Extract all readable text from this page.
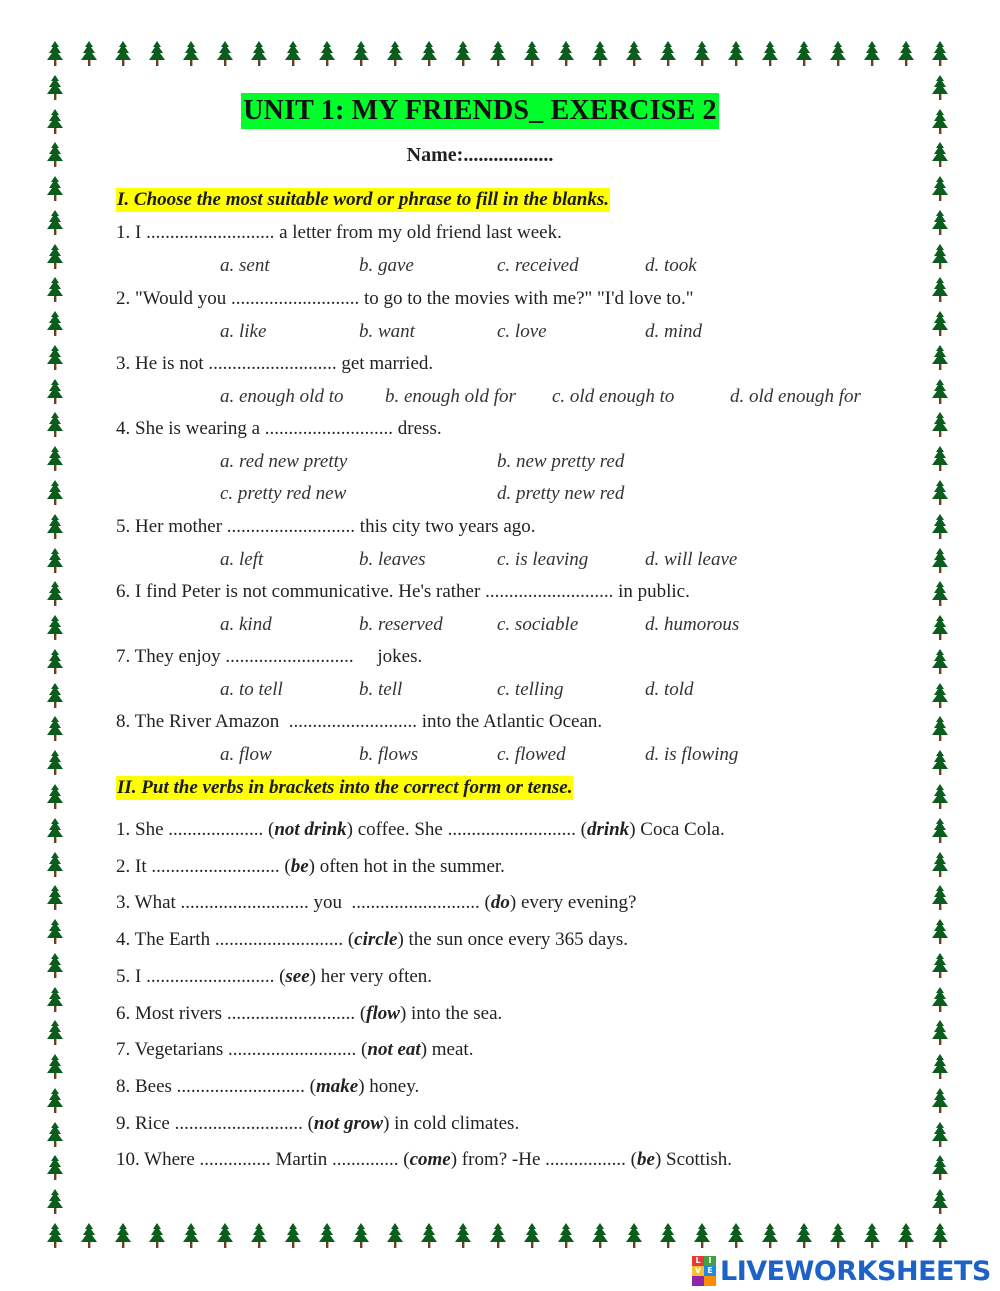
UNIT 1: MY FRIENDS_ EXERCISE 2
Name:..................
I. Choose the most suitable word or phrase to fill in the blanks.
1. I ........................... a letter from my old friend last week.
a. sent	b. gave	c. received	d. took
2. "Would you ........................... to go to the movies with me?" "I'd love to."
a. like	b. want	c. love	d. mind
3. He is not ........................... get married.
a. enough old to b. enough old for c. old enough to	d. old enough for
4. She is wearing a ........................... dress.
a. red new pretty	b. new pretty red
c. pretty red new	d. pretty new red
5. Her mother ........................... this city two years ago.
a. left	b. leaves	c. is leaving	d. will leave
6. I find Peter is not communicative. He's rather ........................... in public.
a. kind	b. reserved	c. sociable	d. humorous
7. They enjoy ...........................     jokes.
a. to tell	b. tell	c. telling	d. told
8. The River Amazon  ........................... into the Atlantic Ocean.
a. flow	b. flows	c. flowed	d. is flowing
II. Put the verbs in brackets into the correct form or tense.
1. She .................... (not drink) coffee. She ........................... (drink) Coca Cola.
2. It ........................... (be) often hot in the summer.
3. What ........................... you  ........................... (do) every evening?
4. The Earth ........................... (circle) the sun once every 365 days.
5. I ........................... (see) her very often.
6. Most rivers ........................... (flow) into the sea.
7. Vegetarians ........................... (not eat) meat.
8. Bees ........................... (make) honey.
9. Rice ........................... (not grow) in cold climates.
10. Where ............... Martin .............. (come) from? -He ................. (be) Scottish.
L I
V E LIVEWORKSHEETS
